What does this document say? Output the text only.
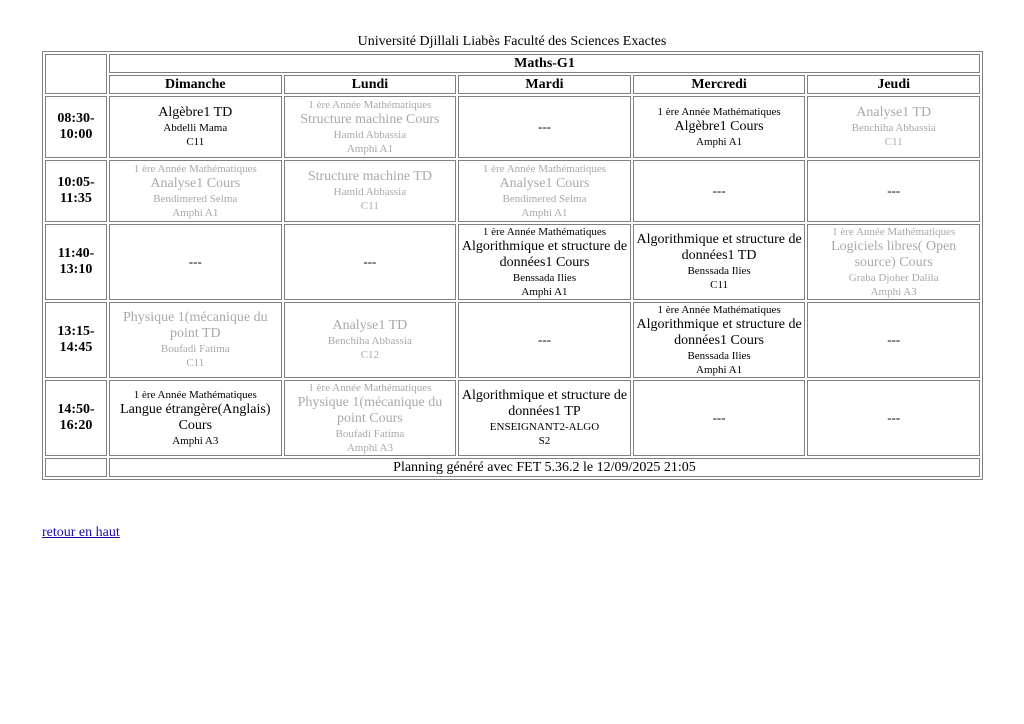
Université Djillali Liabès Faculté des Sciences Exactes
	Maths-G1				
	Dimanche	Lundi	Mardi	Mercredi	Jeudi

08:30-
10:00	Algèbre1 TD
Abdelli Mama
C11	1 ère Année Mathématiques
Structure machine Cours
Hamid Abbassia
Amphi A1	---	1 ère Année Mathématiques
Algèbre1 Cours
Amphi A1	Analyse1 TD
Benchiha Abbassia
C11

10:05-
11:35	1 ère Année Mathématiques
Analyse1 Cours
Bendimered Selma
Amphi A1	Structure machine TD
Hamid Abbassia
C11	1 ère Année Mathématiques
Analyse1 Cours
Bendimered Selma
Amphi A1	---	---

11:40-
13:10	---	---	1 ère Année Mathématiques
Algorithmique et structure de données1 Cours
Benssada Ilies
Amphi A1	Algorithmique et structure de données1 TD
Benssada Ilies
C11	1 ère Année Mathématiques
Logiciels libres( Open source) Cours
Graba Djoher Dalila
Amphi A3

13:15-
14:45	Physique 1(mécanique du point TD
Boufadi Fatima
C11	Analyse1 TD
Benchiha Abbassia
C12	---	1 ère Année Mathématiques
Algorithmique et structure de données1 Cours
Benssada Ilies
Amphi A1	---

14:50-
16:20	1 ère Année Mathématiques
Langue étrangère(Anglais) Cours
Amphi A3	1 ère Année Mathématiques
Physique 1(mécanique du point Cours
Boufadi Fatima
Amphi A3	Algorithmique et structure de données1 TP
ENSEIGNANT2-ALGO
S2	---	---
	Planning généré avec FET 5.36.2 le 12/09/2025 21:05				
retour en haut
